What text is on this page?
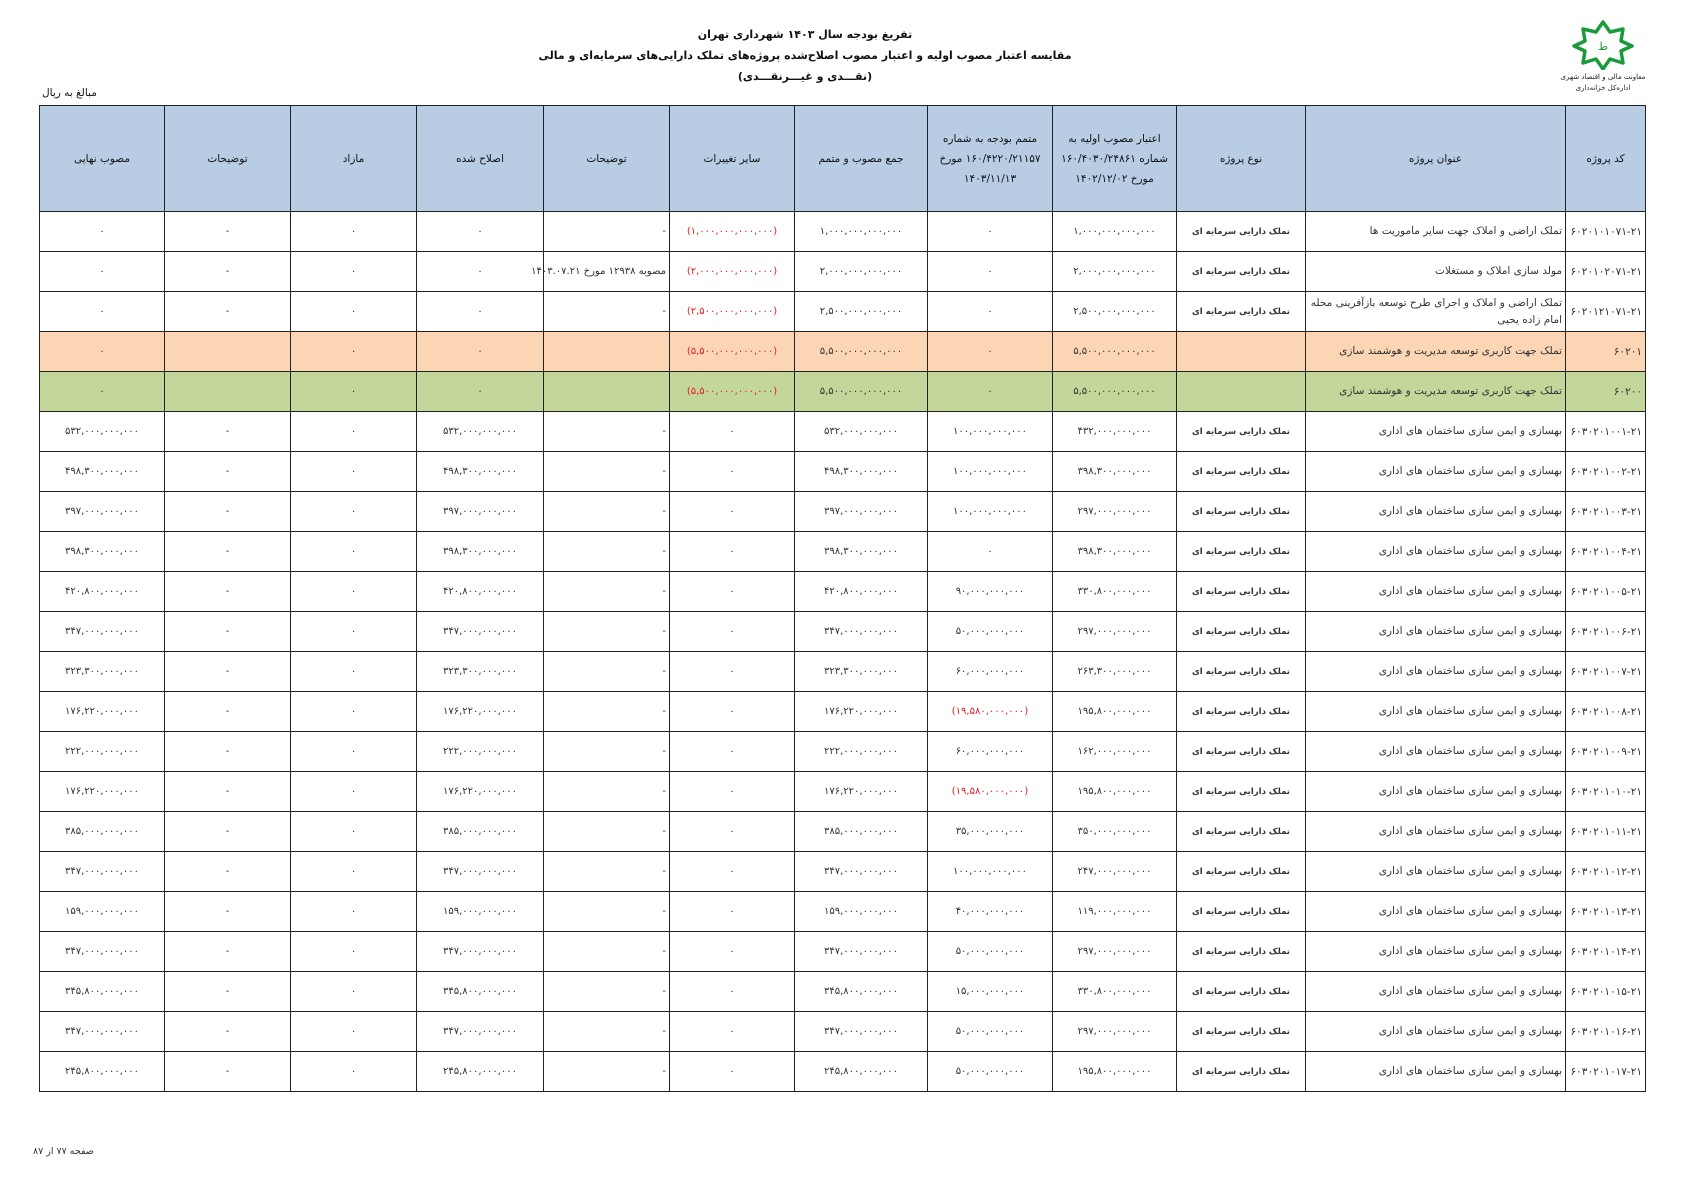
ط
معاونت مالی و اقتصاد شهری
اداره‌کل خزانه‌داری
تفریغ بودجه سال ۱۴۰۳ شهرداری تهران
مقایسه اعتبار مصوب اولیه و اعتبار مصوب اصلاح‌شده پروژه‌های تملک دارایی‌های سرمایه‌ای و مالی
(نقـــدی و غیـــرنقـــدی)
مبالغ به ریال
کد پروژه	عنوان پروژه	نوع پروژه	اعتبار مصوب اولیه به شماره ۱۶۰/۴۰۳۰/۲۴۸۶۱ مورخ ۱۴۰۲/۱۲/۰۲	متمم بودجه به شماره ۱۶۰/۴۲۲۰/۲۱۱۵۷ مورخ ۱۴۰۳/۱۱/۱۳	جمع مصوب و متمم	سایر تغییرات	توضیحات	اصلاح شده	مازاد	توضیحات	مصوب نهایی
۶۰۲۰۱۰۱۰۷۱-۲۱	تملک اراضی و املاک جهت سایر ماموریت ها	تملک دارایی سرمایه ای	۱,۰۰۰,۰۰۰,۰۰۰,۰۰۰	۰	۱,۰۰۰,۰۰۰,۰۰۰,۰۰۰	(۱,۰۰۰,۰۰۰,۰۰۰,۰۰۰)	-	۰	۰	-	۰
۶۰۲۰۱۰۲۰۷۱-۲۱	مولد سازی املاک و مستغلات	تملک دارایی سرمایه ای	۲,۰۰۰,۰۰۰,۰۰۰,۰۰۰	۰	۲,۰۰۰,۰۰۰,۰۰۰,۰۰۰	(۲,۰۰۰,۰۰۰,۰۰۰,۰۰۰)	مصوبه ۱۲۹۳۸ مورخ ۱۴۰۳.۰۷.۲۱	۰	۰	-	۰
۶۰۲۰۱۲۱۰۷۱-۲۱	تملک اراضی و املاک و اجرای طرح توسعه بازآفرینی محله امام زاده یحیی	تملک دارایی سرمایه ای	۲,۵۰۰,۰۰۰,۰۰۰,۰۰۰	۰	۲,۵۰۰,۰۰۰,۰۰۰,۰۰۰	(۲,۵۰۰,۰۰۰,۰۰۰,۰۰۰)	-	۰	۰	-	۰
۶۰۲۰۱	تملک جهت کاربری توسعه مدیریت و هوشمند سازی		۵,۵۰۰,۰۰۰,۰۰۰,۰۰۰	۰	۵,۵۰۰,۰۰۰,۰۰۰,۰۰۰	(۵,۵۰۰,۰۰۰,۰۰۰,۰۰۰)		۰	۰		۰
۶۰۲۰۰	تملک جهت کاربری توسعه مدیریت و هوشمند سازی		۵,۵۰۰,۰۰۰,۰۰۰,۰۰۰	۰	۵,۵۰۰,۰۰۰,۰۰۰,۰۰۰	(۵,۵۰۰,۰۰۰,۰۰۰,۰۰۰)		۰	۰		۰
۶۰۳۰۲۰۱۰۰۱-۲۱	بهسازی و ایمن سازی ساختمان های اداری	تملک دارایی سرمایه ای	۴۳۲,۰۰۰,۰۰۰,۰۰۰	۱۰۰,۰۰۰,۰۰۰,۰۰۰	۵۳۲,۰۰۰,۰۰۰,۰۰۰	۰	-	۵۳۲,۰۰۰,۰۰۰,۰۰۰	۰	-	۵۳۲,۰۰۰,۰۰۰,۰۰۰
۶۰۳۰۲۰۱۰۰۲-۲۱	بهسازی و ایمن سازی ساختمان های اداری	تملک دارایی سرمایه ای	۳۹۸,۳۰۰,۰۰۰,۰۰۰	۱۰۰,۰۰۰,۰۰۰,۰۰۰	۴۹۸,۳۰۰,۰۰۰,۰۰۰	۰	-	۴۹۸,۳۰۰,۰۰۰,۰۰۰	۰	-	۴۹۸,۳۰۰,۰۰۰,۰۰۰
۶۰۳۰۲۰۱۰۰۳-۲۱	بهسازی و ایمن سازی ساختمان های اداری	تملک دارایی سرمایه ای	۲۹۷,۰۰۰,۰۰۰,۰۰۰	۱۰۰,۰۰۰,۰۰۰,۰۰۰	۳۹۷,۰۰۰,۰۰۰,۰۰۰	۰	-	۳۹۷,۰۰۰,۰۰۰,۰۰۰	۰	-	۳۹۷,۰۰۰,۰۰۰,۰۰۰
۶۰۳۰۲۰۱۰۰۴-۲۱	بهسازی و ایمن سازی ساختمان های اداری	تملک دارایی سرمایه ای	۳۹۸,۳۰۰,۰۰۰,۰۰۰	۰	۳۹۸,۳۰۰,۰۰۰,۰۰۰	۰	-	۳۹۸,۳۰۰,۰۰۰,۰۰۰	۰	-	۳۹۸,۳۰۰,۰۰۰,۰۰۰
۶۰۳۰۲۰۱۰۰۵-۲۱	بهسازی و ایمن سازی ساختمان های اداری	تملک دارایی سرمایه ای	۳۳۰,۸۰۰,۰۰۰,۰۰۰	۹۰,۰۰۰,۰۰۰,۰۰۰	۴۲۰,۸۰۰,۰۰۰,۰۰۰	۰	-	۴۲۰,۸۰۰,۰۰۰,۰۰۰	۰	-	۴۲۰,۸۰۰,۰۰۰,۰۰۰
۶۰۳۰۲۰۱۰۰۶-۲۱	بهسازی و ایمن سازی ساختمان های اداری	تملک دارایی سرمایه ای	۲۹۷,۰۰۰,۰۰۰,۰۰۰	۵۰,۰۰۰,۰۰۰,۰۰۰	۳۴۷,۰۰۰,۰۰۰,۰۰۰	۰	-	۳۴۷,۰۰۰,۰۰۰,۰۰۰	۰	-	۳۴۷,۰۰۰,۰۰۰,۰۰۰
۶۰۳۰۲۰۱۰۰۷-۲۱	بهسازی و ایمن سازی ساختمان های اداری	تملک دارایی سرمایه ای	۲۶۳,۳۰۰,۰۰۰,۰۰۰	۶۰,۰۰۰,۰۰۰,۰۰۰	۳۲۳,۳۰۰,۰۰۰,۰۰۰	۰	-	۳۲۳,۳۰۰,۰۰۰,۰۰۰	۰	-	۳۲۳,۳۰۰,۰۰۰,۰۰۰
۶۰۳۰۲۰۱۰۰۸-۲۱	بهسازی و ایمن سازی ساختمان های اداری	تملک دارایی سرمایه ای	۱۹۵,۸۰۰,۰۰۰,۰۰۰	(۱۹,۵۸۰,۰۰۰,۰۰۰)	۱۷۶,۲۲۰,۰۰۰,۰۰۰	۰	-	۱۷۶,۲۲۰,۰۰۰,۰۰۰	۰	-	۱۷۶,۲۲۰,۰۰۰,۰۰۰
۶۰۳۰۲۰۱۰۰۹-۲۱	بهسازی و ایمن سازی ساختمان های اداری	تملک دارایی سرمایه ای	۱۶۲,۰۰۰,۰۰۰,۰۰۰	۶۰,۰۰۰,۰۰۰,۰۰۰	۲۲۲,۰۰۰,۰۰۰,۰۰۰	۰	-	۲۲۲,۰۰۰,۰۰۰,۰۰۰	۰	-	۲۲۲,۰۰۰,۰۰۰,۰۰۰
۶۰۳۰۲۰۱۰۱۰-۲۱	بهسازی و ایمن سازی ساختمان های اداری	تملک دارایی سرمایه ای	۱۹۵,۸۰۰,۰۰۰,۰۰۰	(۱۹,۵۸۰,۰۰۰,۰۰۰)	۱۷۶,۲۲۰,۰۰۰,۰۰۰	۰	-	۱۷۶,۲۲۰,۰۰۰,۰۰۰	۰	-	۱۷۶,۲۲۰,۰۰۰,۰۰۰
۶۰۳۰۲۰۱۰۱۱-۲۱	بهسازی و ایمن سازی ساختمان های اداری	تملک دارایی سرمایه ای	۳۵۰,۰۰۰,۰۰۰,۰۰۰	۳۵,۰۰۰,۰۰۰,۰۰۰	۳۸۵,۰۰۰,۰۰۰,۰۰۰	۰	-	۳۸۵,۰۰۰,۰۰۰,۰۰۰	۰	-	۳۸۵,۰۰۰,۰۰۰,۰۰۰
۶۰۳۰۲۰۱۰۱۲-۲۱	بهسازی و ایمن سازی ساختمان های اداری	تملک دارایی سرمایه ای	۲۴۷,۰۰۰,۰۰۰,۰۰۰	۱۰۰,۰۰۰,۰۰۰,۰۰۰	۳۴۷,۰۰۰,۰۰۰,۰۰۰	۰	-	۳۴۷,۰۰۰,۰۰۰,۰۰۰	۰	-	۳۴۷,۰۰۰,۰۰۰,۰۰۰
۶۰۳۰۲۰۱۰۱۳-۲۱	بهسازی و ایمن سازی ساختمان های اداری	تملک دارایی سرمایه ای	۱۱۹,۰۰۰,۰۰۰,۰۰۰	۴۰,۰۰۰,۰۰۰,۰۰۰	۱۵۹,۰۰۰,۰۰۰,۰۰۰	۰	-	۱۵۹,۰۰۰,۰۰۰,۰۰۰	۰	-	۱۵۹,۰۰۰,۰۰۰,۰۰۰
۶۰۳۰۲۰۱۰۱۴-۲۱	بهسازی و ایمن سازی ساختمان های اداری	تملک دارایی سرمایه ای	۲۹۷,۰۰۰,۰۰۰,۰۰۰	۵۰,۰۰۰,۰۰۰,۰۰۰	۳۴۷,۰۰۰,۰۰۰,۰۰۰	۰	-	۳۴۷,۰۰۰,۰۰۰,۰۰۰	۰	-	۳۴۷,۰۰۰,۰۰۰,۰۰۰
۶۰۳۰۲۰۱۰۱۵-۲۱	بهسازی و ایمن سازی ساختمان های اداری	تملک دارایی سرمایه ای	۳۳۰,۸۰۰,۰۰۰,۰۰۰	۱۵,۰۰۰,۰۰۰,۰۰۰	۳۴۵,۸۰۰,۰۰۰,۰۰۰	۰	-	۳۴۵,۸۰۰,۰۰۰,۰۰۰	۰	-	۳۴۵,۸۰۰,۰۰۰,۰۰۰
۶۰۳۰۲۰۱۰۱۶-۲۱	بهسازی و ایمن سازی ساختمان های اداری	تملک دارایی سرمایه ای	۲۹۷,۰۰۰,۰۰۰,۰۰۰	۵۰,۰۰۰,۰۰۰,۰۰۰	۳۴۷,۰۰۰,۰۰۰,۰۰۰	۰	-	۳۴۷,۰۰۰,۰۰۰,۰۰۰	۰	-	۳۴۷,۰۰۰,۰۰۰,۰۰۰
۶۰۳۰۲۰۱۰۱۷-۲۱	بهسازی و ایمن سازی ساختمان های اداری	تملک دارایی سرمایه ای	۱۹۵,۸۰۰,۰۰۰,۰۰۰	۵۰,۰۰۰,۰۰۰,۰۰۰	۲۴۵,۸۰۰,۰۰۰,۰۰۰	۰	-	۲۴۵,۸۰۰,۰۰۰,۰۰۰	۰	-	۲۴۵,۸۰۰,۰۰۰,۰۰۰
صفحه ۷۷ از ۸۷
